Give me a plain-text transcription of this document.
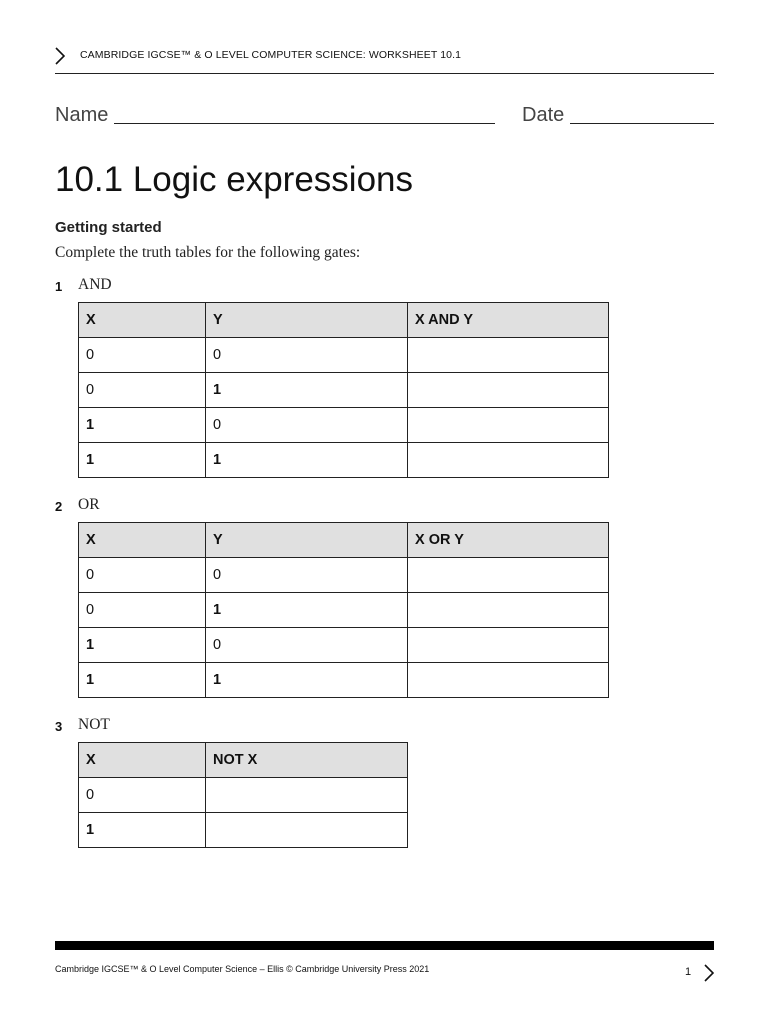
CAMBRIDGE IGCSE™ & O LEVEL COMPUTER SCIENCE: WORKSHEET 10.1
Name	Date
10.1 Logic expressions
Getting started
Complete the truth tables for the following gates:
1 AND
X	Y	X AND Y
0	0	
0	1	
1	0	
1	1	
2 OR
X	Y	X OR Y
0	0	
0	1	
1	0	
1	1	
3 NOT
X	NOT X
0	
1	
Cambridge IGCSE™ & O Level Computer Science – Ellis © Cambridge University Press 2021	1
